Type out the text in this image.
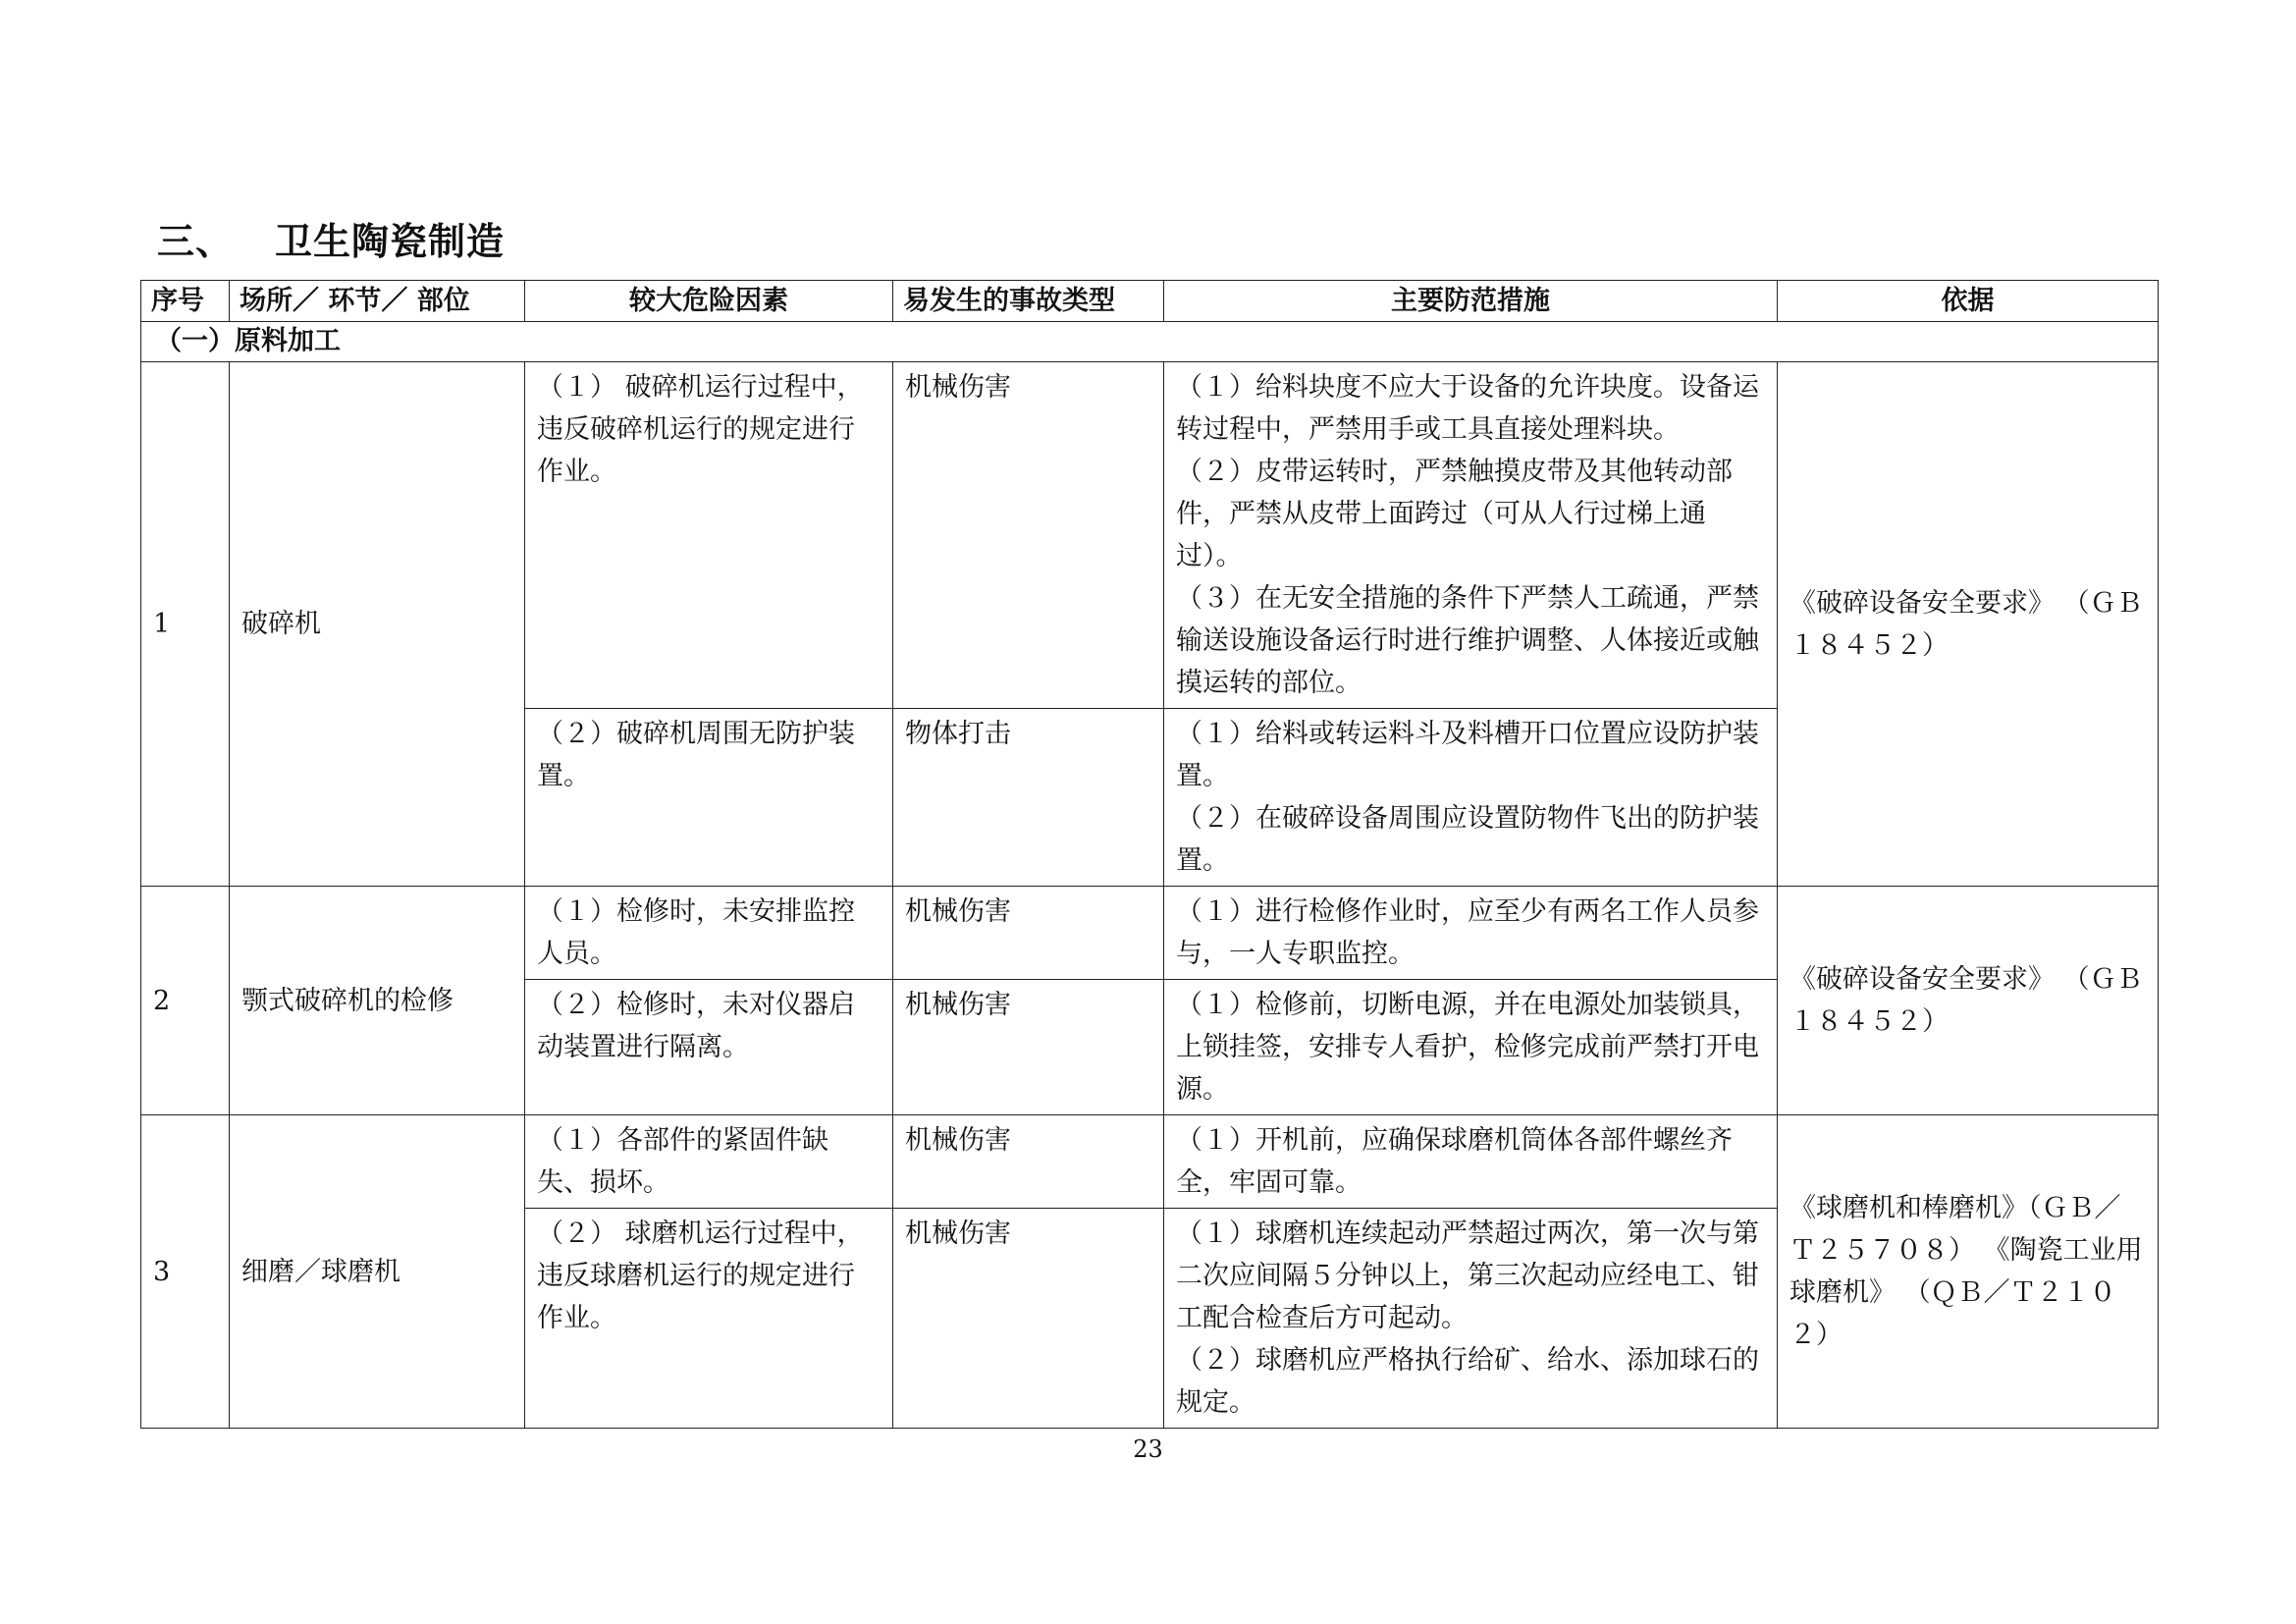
三、 卫生陶瓷制造
序号	场所／ 环节／ 部位	较大危险因素	易发生的事故类型	主要防范措施	依据
（一）原料加工					
1	破碎机	（１） 破碎机运行过程中，违反破碎机运行的规定进行作业。	机械伤害	（１）给料块度不应大于设备的允许块度。设备运转过程中，严禁用手或工具直接处理料块。
（２）皮带运转时，严禁触摸皮带及其他转动部件，严禁从皮带上面跨过（可从人行过梯上通过）。
（３）在无安全措施的条件下严禁人工疏通，严禁输送设施设备运行时进行维护调整、人体接近或触摸运转的部位。	《破碎设备安全要求》 （ＧＢ １８４５２）
		（２）破碎机周围无防护装置。	物体打击	（１）给料或转运料斗及料槽开口位置应设防护装置。
（２）在破碎设备周围应设置防物件飞出的防护装置。	

2	颚式破碎机的检修	（１）检修时，未安排监控人员。	机械伤害	（１）进行检修作业时，应至少有两名工作人员参与，一人专职监控。	《破碎设备安全要求》 （ＧＢ １８４５２）
		（２）检修时，未对仪器启动装置进行隔离。	机械伤害	（１）检修前，切断电源，并在电源处加装锁具，上锁挂签，安排专人看护，检修完成前严禁打开电源。	

3	细磨／球磨机	（１）各部件的紧固件缺失、损坏。	机械伤害	（１）开机前，应确保球磨机筒体各部件螺丝齐全，牢固可靠。	《球磨机和棒磨机》（ＧＢ／Ｔ２５７０８） 《陶瓷工业用球磨机》 （ＱＢ／Ｔ２１０２）
		（２） 球磨机运行过程中，违反球磨机运行的规定进行作业。	机械伤害	（１）球磨机连续起动严禁超过两次，第一次与第二次应间隔５分钟以上，第三次起动应经电工、钳工配合检查后方可起动。
（２）球磨机应严格执行给矿、给水、添加球石的规定。	
23
